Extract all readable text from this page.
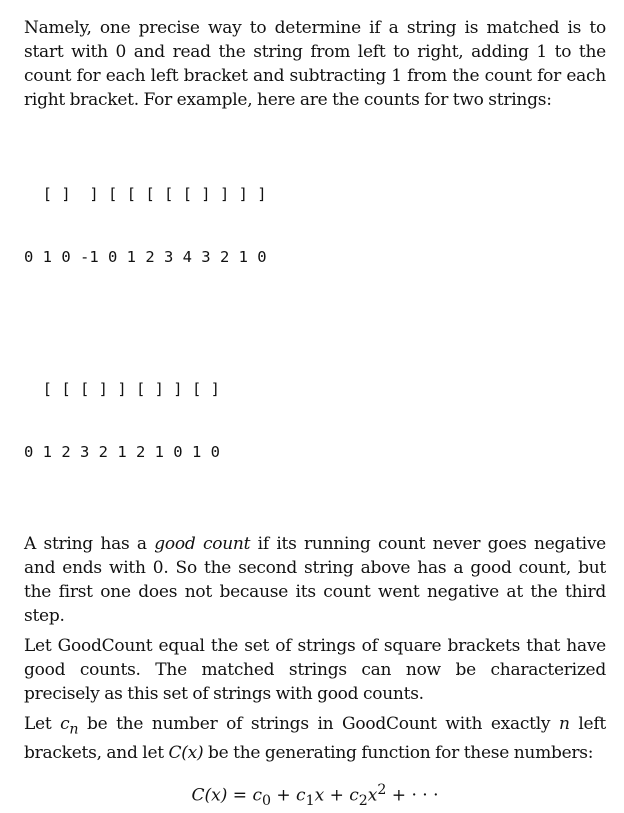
Namely, one precise way to determine if a string is matched is to start with 0 and read the string from left to right, adding 1 to the count for each left bracket and subtracting 1 from the count for each right bracket. For example, here are the counts for two strings:

[ ]  ] [ [ [ [ [ ] ] ] ]

0 1 0 -1 0 1 2 3 4 3 2 1 0

[ [ [ ] ] [ ] ] [ ]

0 1 2 3 2 1 2 1 0 1 0

A string has a good count if its running count never goes negative and ends with 0. So the second string above has a good count, but the first one does not because its count went negative at the third step.

Let GoodCount equal the set of strings of square brackets that have good counts. The matched strings can now be characterized precisely as this set of strings with good counts.

Let $c_n$ be the number of strings in GoodCount with exactly n left brackets, and let C(x) be the generating function for these numbers:

$C(x) = c_0 + c_1x + c_2x^2$ + · · ·
